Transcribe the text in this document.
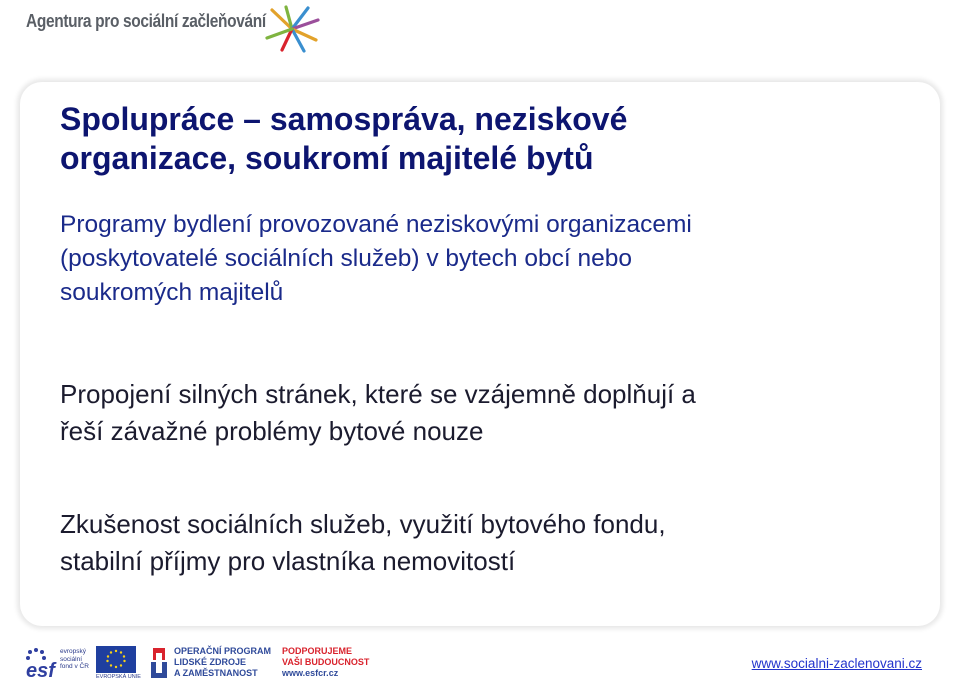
Agentura pro sociální začleňování
Spolupráce – samospráva, neziskové
organizace, soukromí majitelé bytů
Programy bydlení provozované neziskovými organizacemi
(poskytovatelé sociálních služeb) v bytech obcí nebo
soukromých majitelů
Propojení silných stránek, které se vzájemně doplňují a
řeší závažné problémy bytové nouze
Zkušenost sociálních služeb, využití bytového fondu,
stabilní příjmy pro vlastníka nemovitostí
esf
evropský
sociální
fond v ČR
EVROPSKÁ UNIE
OPERAČNÍ PROGRAM
LIDSKÉ ZDROJE
A ZAMĚSTNANOST
PODPORUJEME
VAŠI BUDOUCNOST
www.esfcr.cz
www.socialni-zaclenovani.cz
